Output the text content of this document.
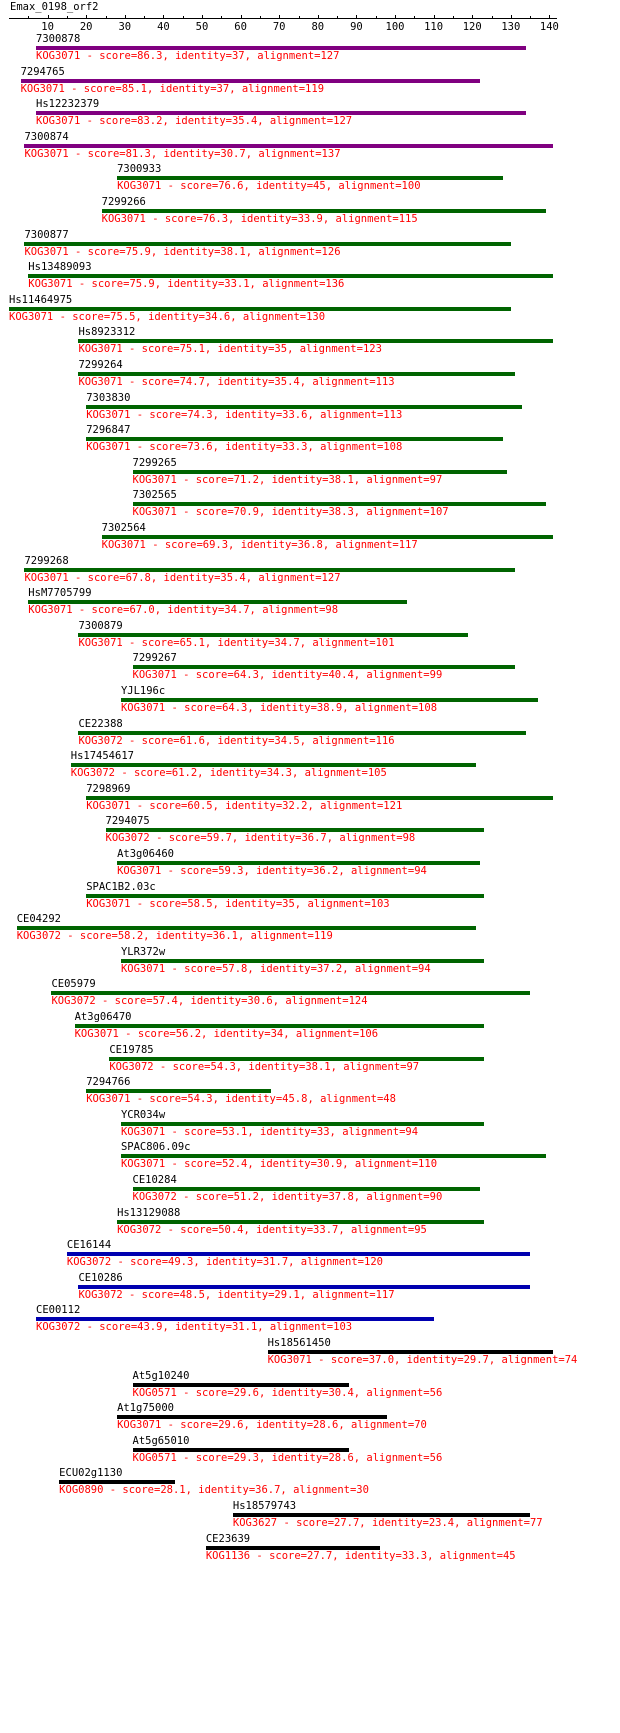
Emax_0198_orf2
10 20 30 40 50 60 70 80 90 100 110 120 130 140
7300878
KOG3071 - score=86.3, identity=37, alignment=127
7294765
KOG3071 - score=85.1, identity=37, alignment=119
Hs12232379
KOG3071 - score=83.2, identity=35.4, alignment=127
7300874
KOG3071 - score=81.3, identity=30.7, alignment=137
7300933
KOG3071 - score=76.6, identity=45, alignment=100
7299266
KOG3071 - score=76.3, identity=33.9, alignment=115
7300877
KOG3071 - score=75.9, identity=38.1, alignment=126
Hs13489093
KOG3071 - score=75.9, identity=33.1, alignment=136
Hs11464975
KOG3071 - score=75.5, identity=34.6, alignment=130
Hs8923312
KOG3071 - score=75.1, identity=35, alignment=123
7299264
KOG3071 - score=74.7, identity=35.4, alignment=113
7303830
KOG3071 - score=74.3, identity=33.6, alignment=113
7296847
KOG3071 - score=73.6, identity=33.3, alignment=108
7299265
KOG3071 - score=71.2, identity=38.1, alignment=97
7302565
KOG3071 - score=70.9, identity=38.3, alignment=107
7302564
KOG3071 - score=69.3, identity=36.8, alignment=117
7299268
KOG3071 - score=67.8, identity=35.4, alignment=127
HsM7705799
KOG3071 - score=67.0, identity=34.7, alignment=98
7300879
KOG3071 - score=65.1, identity=34.7, alignment=101
7299267
KOG3071 - score=64.3, identity=40.4, alignment=99
YJL196c
KOG3071 - score=64.3, identity=38.9, alignment=108
CE22388
KOG3072 - score=61.6, identity=34.5, alignment=116
Hs17454617
KOG3072 - score=61.2, identity=34.3, alignment=105
7298969
KOG3071 - score=60.5, identity=32.2, alignment=121
7294075
KOG3072 - score=59.7, identity=36.7, alignment=98
At3g06460
KOG3071 - score=59.3, identity=36.2, alignment=94
SPAC1B2.03c
KOG3071 - score=58.5, identity=35, alignment=103
CE04292
KOG3072 - score=58.2, identity=36.1, alignment=119
YLR372w
KOG3071 - score=57.8, identity=37.2, alignment=94
CE05979
KOG3072 - score=57.4, identity=30.6, alignment=124
At3g06470
KOG3071 - score=56.2, identity=34, alignment=106
CE19785
KOG3072 - score=54.3, identity=38.1, alignment=97
7294766
KOG3071 - score=54.3, identity=45.8, alignment=48
YCR034w
KOG3071 - score=53.1, identity=33, alignment=94
SPAC806.09c
KOG3071 - score=52.4, identity=30.9, alignment=110
CE10284
KOG3072 - score=51.2, identity=37.8, alignment=90
Hs13129088
KOG3072 - score=50.4, identity=33.7, alignment=95
CE16144
KOG3072 - score=49.3, identity=31.7, alignment=120
CE10286
KOG3072 - score=48.5, identity=29.1, alignment=117
CE00112
KOG3072 - score=43.9, identity=31.1, alignment=103
Hs18561450
KOG3071 - score=37.0, identity=29.7, alignment=74
At5g10240
KOG0571 - score=29.6, identity=30.4, alignment=56
At1g75000
KOG3071 - score=29.6, identity=28.6, alignment=70
At5g65010
KOG0571 - score=29.3, identity=28.6, alignment=56
ECU02g1130
KOG0890 - score=28.1, identity=36.7, alignment=30
Hs18579743
KOG3627 - score=27.7, identity=23.4, alignment=77
CE23639
KOG1136 - score=27.7, identity=33.3, alignment=45
